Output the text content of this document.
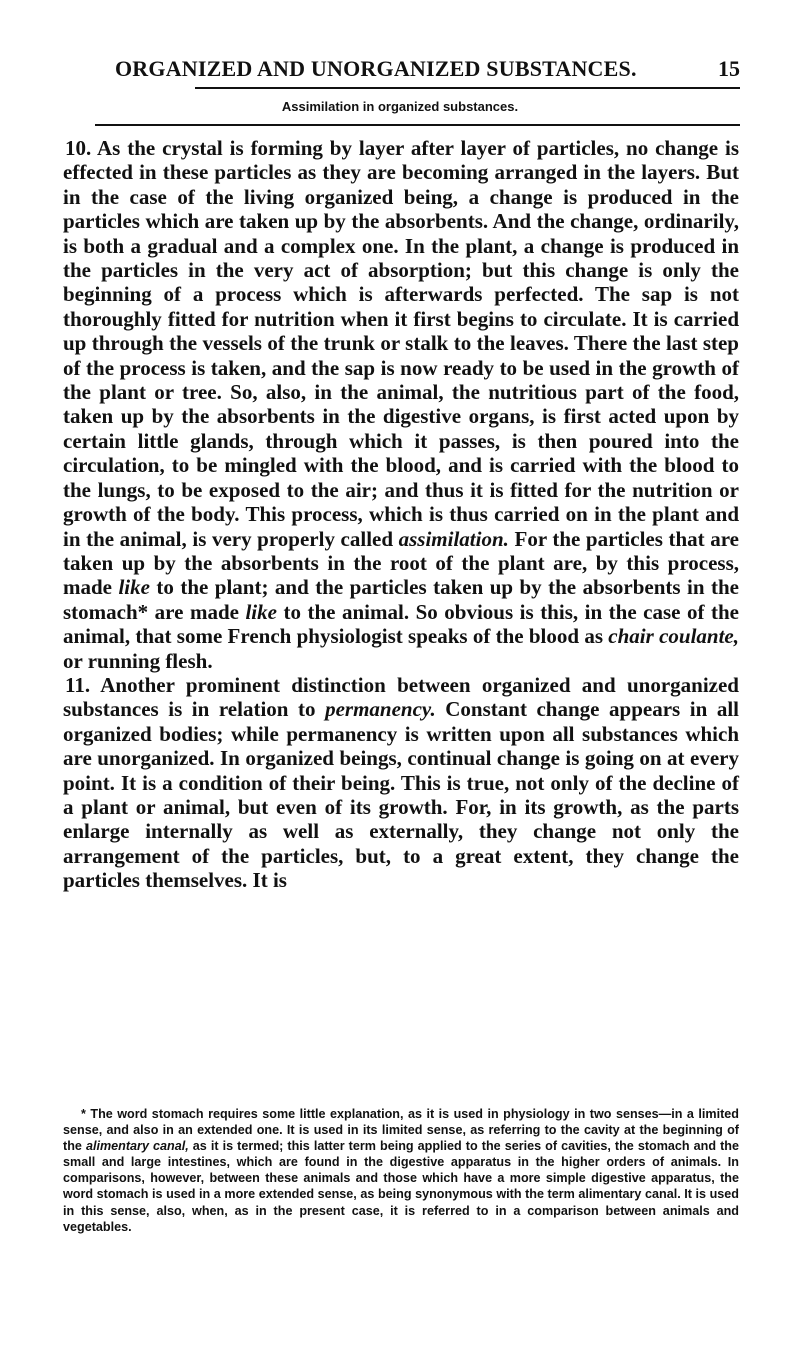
ORGANIZED AND UNORGANIZED SUBSTANCES.	15
Assimilation in organized substances.

10. As the crystal is forming by layer after layer of particles, no change is effected in these particles as they are becoming arranged in the layers. But in the case of the living organized being, a change is produced in the particles which are taken up by the absorbents. And the change, ordinarily, is both a gradual and a complex one. In the plant, a change is produced in the particles in the very act of absorption; but this change is only the beginning of a process which is afterwards perfected. The sap is not thoroughly fitted for nutrition when it first begins to circulate. It is carried up through the vessels of the trunk or stalk to the leaves. There the last step of the process is taken, and the sap is now ready to be used in the growth of the plant or tree. So, also, in the animal, the nutritious part of the food, taken up by the absorbents in the digestive organs, is first acted upon by certain little glands, through which it passes, is then poured into the circulation, to be mingled with the blood, and is carried with the blood to the lungs, to be exposed to the air; and thus it is fitted for the nutrition or growth of the body. This process, which is thus carried on in the plant and in the animal, is very properly called assimilation. For the particles that are taken up by the absorbents in the root of the plant are, by this process, made like to the plant; and the particles taken up by the absorbents in the stomach* are made like to the animal. So obvious is this, in the case of the animal, that some French physiologist speaks of the blood as chair coulante, or running flesh.

11. Another prominent distinction between organized and unorganized substances is in relation to permanency. Constant change appears in all organized bodies; while permanency is written upon all substances which are unorganized. In organized beings, continual change is going on at every point. It is a condition of their being. This is true, not only of the decline of a plant or animal, but even of its growth. For, in its growth, as the parts enlarge internally as well as externally, they change not only the arrangement of the particles, but, to a great extent, they change the particles themselves. It is

* The word stomach requires some little explanation, as it is used in physiology in two senses—in a limited sense, and also in an extended one. It is used in its limited sense, as referring to the cavity at the beginning of the alimentary canal, as it is termed; this latter term being applied to the series of cavities, the stomach and the small and large intestines, which are found in the digestive apparatus in the higher orders of animals. In comparisons, however, between these animals and those which have a more simple digestive apparatus, the word stomach is used in a more extended sense, as being synonymous with the term alimentary canal. It is used in this sense, also, when, as in the present case, it is referred to in a comparison between animals and vegetables.
